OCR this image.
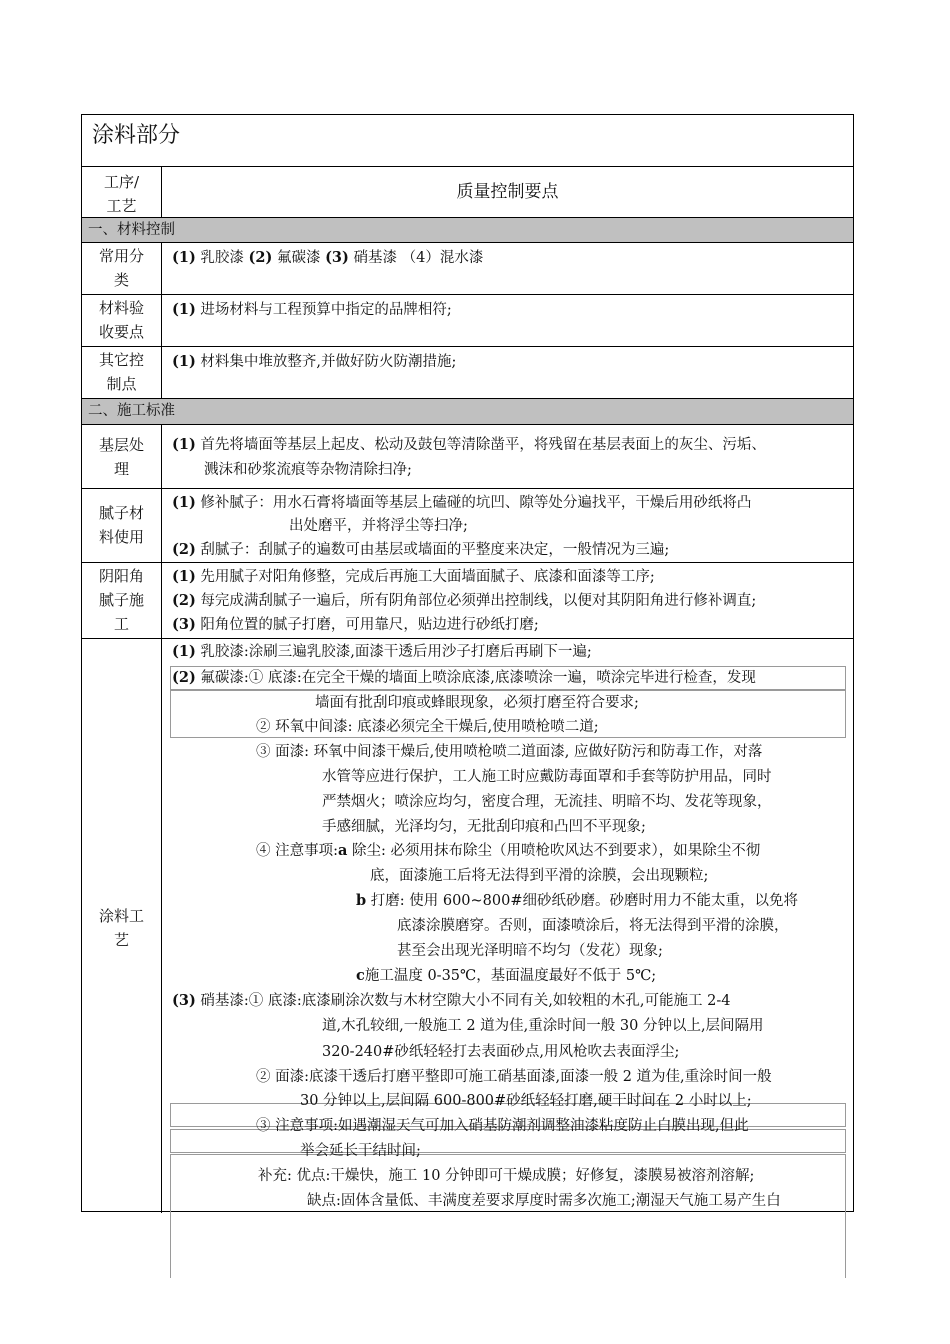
涂料部分
工序/
工艺
质量控制要点
一、材料控制
常用分
类
(1) 乳胶漆 (2) 氟碳漆 (3) 硝基漆 （4）混水漆
材料验
收要点
(1) 进场材料与工程预算中指定的品牌相符;
其它控
制点
(1) 材料集中堆放整齐,并做好防火防潮措施;
二、施工标准
基层处
理
(1) 首先将墙面等基层上起皮、松动及鼓包等清除凿平，将残留在基层表面上的灰尘、污垢、
溅沫和砂浆流痕等杂物清除扫净;
腻子材
料使用
(1) 修补腻子：用水石膏将墙面等基层上磕碰的坑凹、隙等处分遍找平，干燥后用砂纸将凸
出处磨平，并将浮尘等扫净;
(2) 刮腻子：刮腻子的遍数可由基层或墙面的平整度来决定，一般情况为三遍;
阴阳角
腻子施
工
(1) 先用腻子对阳角修整，完成后再施工大面墙面腻子、底漆和面漆等工序;
(2) 每完成满刮腻子一遍后，所有阴角部位必须弹出控制线，以便对其阴阳角进行修补调直;
(3) 阳角位置的腻子打磨，可用靠尺，贴边进行砂纸打磨;
涂料工
艺
(1) 乳胶漆:涂刷三遍乳胶漆,面漆干透后用沙子打磨后再刷下一遍;
(2) 氟碳漆:① 底漆:在完全干燥的墙面上喷涂底漆,底漆喷涂一遍，喷涂完毕进行检查，发现
墙面有批刮印痕或蜂眼现象，必须打磨至符合要求;
② 环氧中间漆: 底漆必须完全干燥后,使用喷枪喷二道;
③ 面漆: 环氧中间漆干燥后,使用喷枪喷二道面漆, 应做好防污和防毒工作，对落
水管等应进行保护，工人施工时应戴防毒面罩和手套等防护用品，同时
严禁烟火；喷涂应均匀，密度合理，无流挂、明暗不均、发花等现象，
手感细腻，光泽均匀，无批刮印痕和凸凹不平现象;
④ 注意事项:a 除尘: 必须用抹布除尘（用喷枪吹风达不到要求），如果除尘不彻
底，面漆施工后将无法得到平滑的涂膜，会出现颗粒;
b 打磨: 使用 600~800#细砂纸砂磨。砂磨时用力不能太重，以免将
底漆涂膜磨穿。否则，面漆喷涂后，将无法得到平滑的涂膜，
甚至会出现光泽明暗不均匀（发花）现象;
c施工温度 0-35℃，基面温度最好不低于 5℃;
(3) 硝基漆:① 底漆:底漆刷涂次数与木材空隙大小不同有关,如较粗的木孔,可能施工 2-4
道,木孔较细,一般施工 2 道为佳,重涂时间一般 30 分钟以上,层间隔用
320-240#砂纸轻轻打去表面砂点,用风枪吹去表面浮尘;
② 面漆:底漆干透后打磨平整即可施工硝基面漆,面漆一般 2 道为佳,重涂时间一般
30 分钟以上,层间隔 600-800#砂纸轻轻打磨,硬干时间在 2 小时以上;
③ 注意事项:如遇潮湿天气可加入硝基防潮剂调整油漆粘度防止白膜出现,但此
举会延长干结时间;
补充: 优点:干燥快，施工 10 分钟即可干燥成膜；好修复，漆膜易被溶剂溶解;
缺点:固体含量低、丰满度差要求厚度时需多次施工;潮湿天气施工易产生白
